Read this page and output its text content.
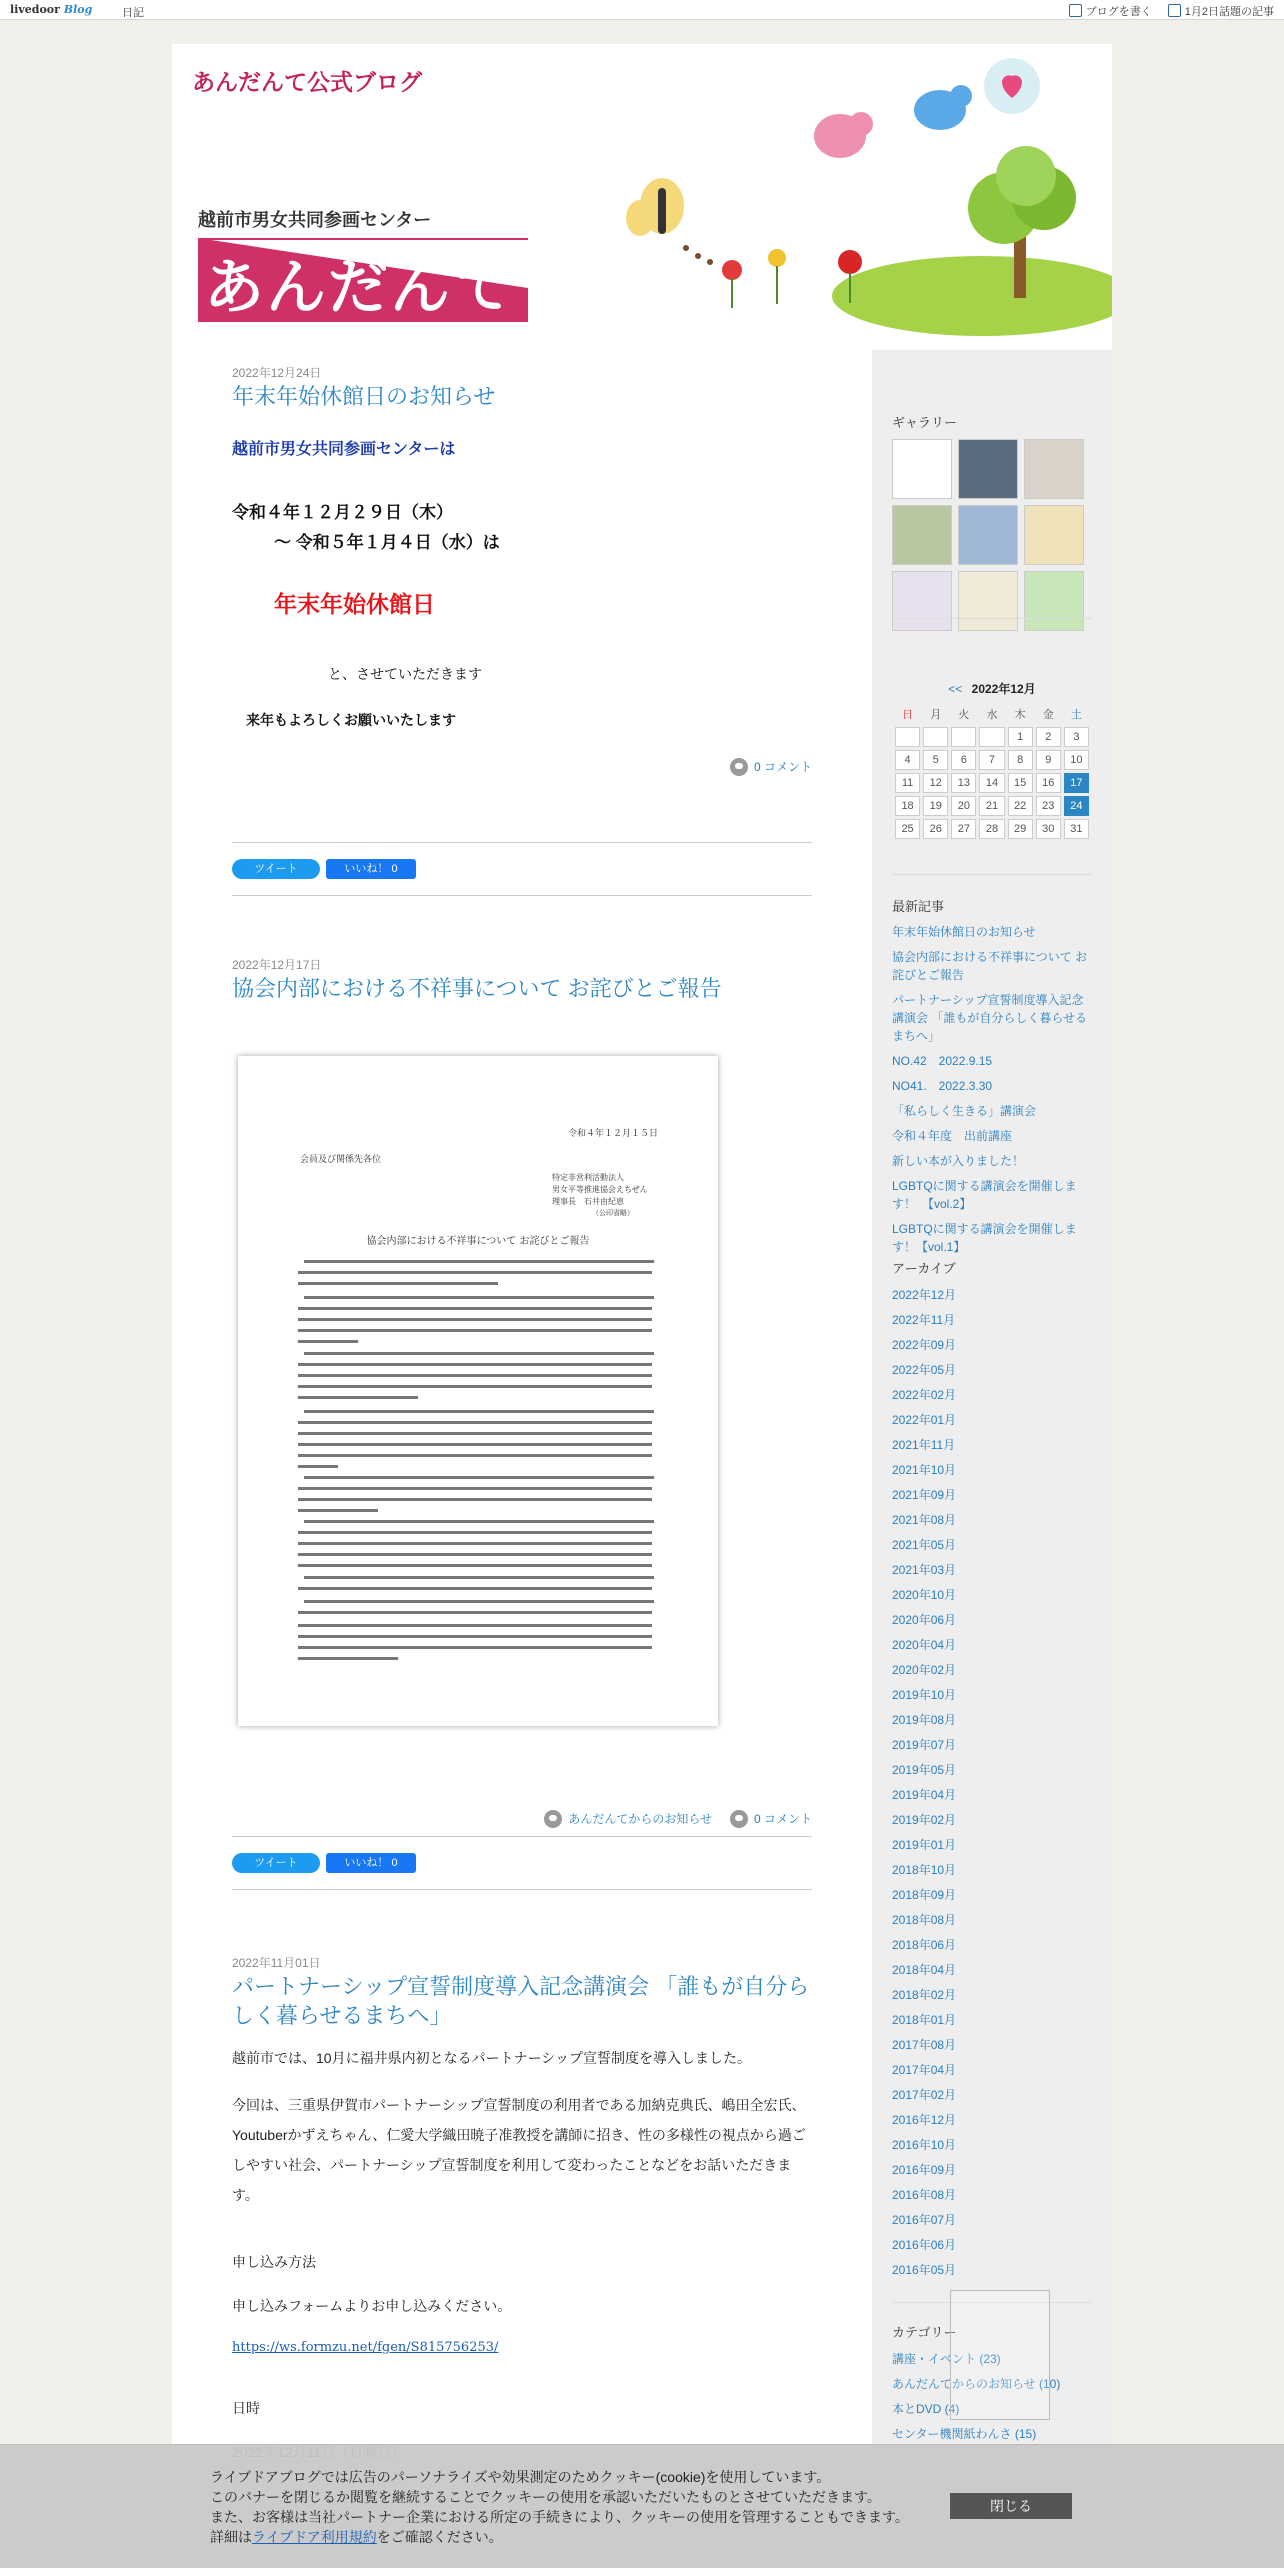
livedoor Blog	日記	ブログを書く	1月2日話題の記事
あんだんて公式ブログ
越前市男女共同参画センター
あんだんて
2022年12月24日
年末年始休館日のお知らせ
越前市男女共同参画センターは
令和４年１２月２９日（木）
～ 令和５年１月４日（水）は
年末年始休館日
と、させていただきます
来年もよろしくお願いいたします
0 コメント
ツイート	いいね！ 0
2022年12月17日
協会内部における不祥事について お詫びとご報告
令和４年１２月１５日
会員及び関係先各位
特定非営利活動法人
男女平等推進協会えちぜん
理事長　石井由紀恵
（公印省略）
協会内部における不祥事について お詫びとご報告
あんだんてからのお知らせ	0 コメント
ツイート	いいね！ 0
2022年11月01日
パートナーシップ宣誓制度導入記念講演会 「誰もが自分らしく暮らせるまちへ」
越前市では、10月に福井県内初となるパートナーシップ宣誓制度を導入しました。
今回は、三重県伊賀市パートナーシップ宣誓制度の利用者である加納克典氏、嶋田全宏氏、Youtuberかずえちゃん、仁愛大学織田暁子准教授を講師に招き、性の多様性の視点から過ごしやすい社会、パートナーシップ宣誓制度を利用して変わったことなどをお話いただきます。
申し込み方法
申し込みフォームよりお申し込みください。
https://ws.formzu.net/fgen/S815756253/
日時
ギャラリー
<< 2022年12月
日	月	火	水	木	金	土
				1	2	3
4	5	6	7	8	9	10
11	12	13	14	15	16	17
18	19	20	21	22	23	24
25	26	27	28	29	30	31
最新記事
年末年始休館日のお知らせ
協会内部における不祥事について お詫びとご報告
パートナーシップ宣誓制度導入記念講演会 「誰もが自分らしく暮らせるまちへ」
NO.42　2022.9.15
NO41.　2022.3.30
「私らしく生きる」講演会
令和４年度　出前講座
新しい本が入りました！
LGBTQに関する講演会を開催します！　【vol.2】
LGBTQに関する講演会を開催します！【vol.1】
アーカイブ
2022年12月
2022年11月
2022年09月
2022年05月
2022年02月
2022年01月
2021年11月
2021年10月
2021年09月
2021年08月
2021年05月
2021年03月
2020年10月
2020年06月
2020年04月
2020年02月
2019年10月
2019年08月
2019年07月
2019年05月
2019年04月
2019年02月
2019年01月
2018年10月
2018年09月
2018年08月
2018年06月
2018年04月
2018年02月
2018年01月
2017年08月
2017年04月
2017年02月
2016年12月
2016年10月
2016年09月
2016年08月
2016年07月
2016年06月
2016年05月
カテゴリー
講座・イベント (23)
あんだんてからのお知らせ (10)
本とDVD (4)
センター機関紙わんさ (15)
ライブドアブログでは広告のパーソナライズや効果測定のためクッキー(cookie)を使用しています。
このバナーを閉じるか閲覧を継続することでクッキーの使用を承認いただいたものとさせていただきます。
また、お客様は当社パートナー企業における所定の手続きにより、クッキーの使用を管理することもできます。
詳細はライブドア利用規約をご確認ください。
閉じる
